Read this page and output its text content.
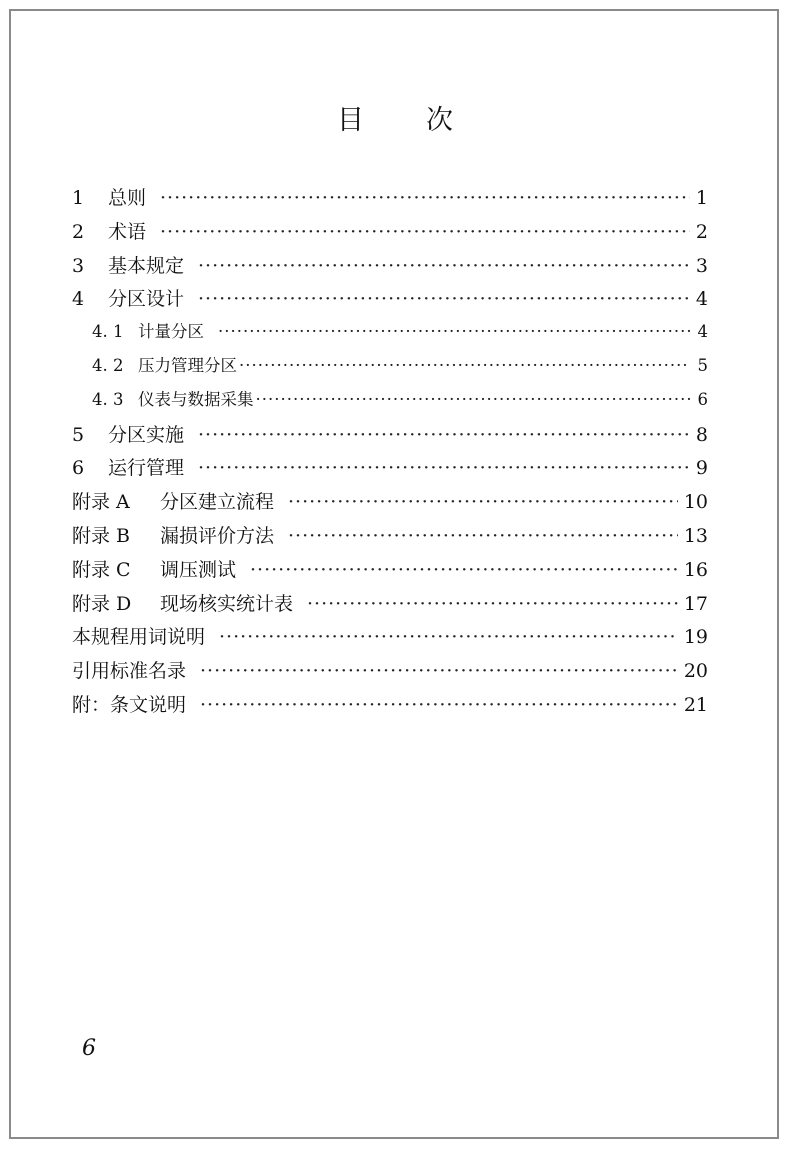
目 次
1	总则 ·····	1
2	术语 ·····	2
3	基本规定 ·····	3
4	分区设计 ·····	4
4. 1 计量分区 ·····	4
4. 2 压力管理分区 ·····	5
4. 3 仪表与数据采集 ·····	6
5	分区实施 ·····	8
6	运行管理 ·····	9
附录 A	分区建立流程 ·····	10
附录 B	漏损评价方法 ·····	13
附录 C	调压测试 ·····	16
附录 D	现场核实统计表 ·····	17
本规程用词说明 ·····	19
引用标准名录 ·····	20
附：条文说明 ·····	21
6
